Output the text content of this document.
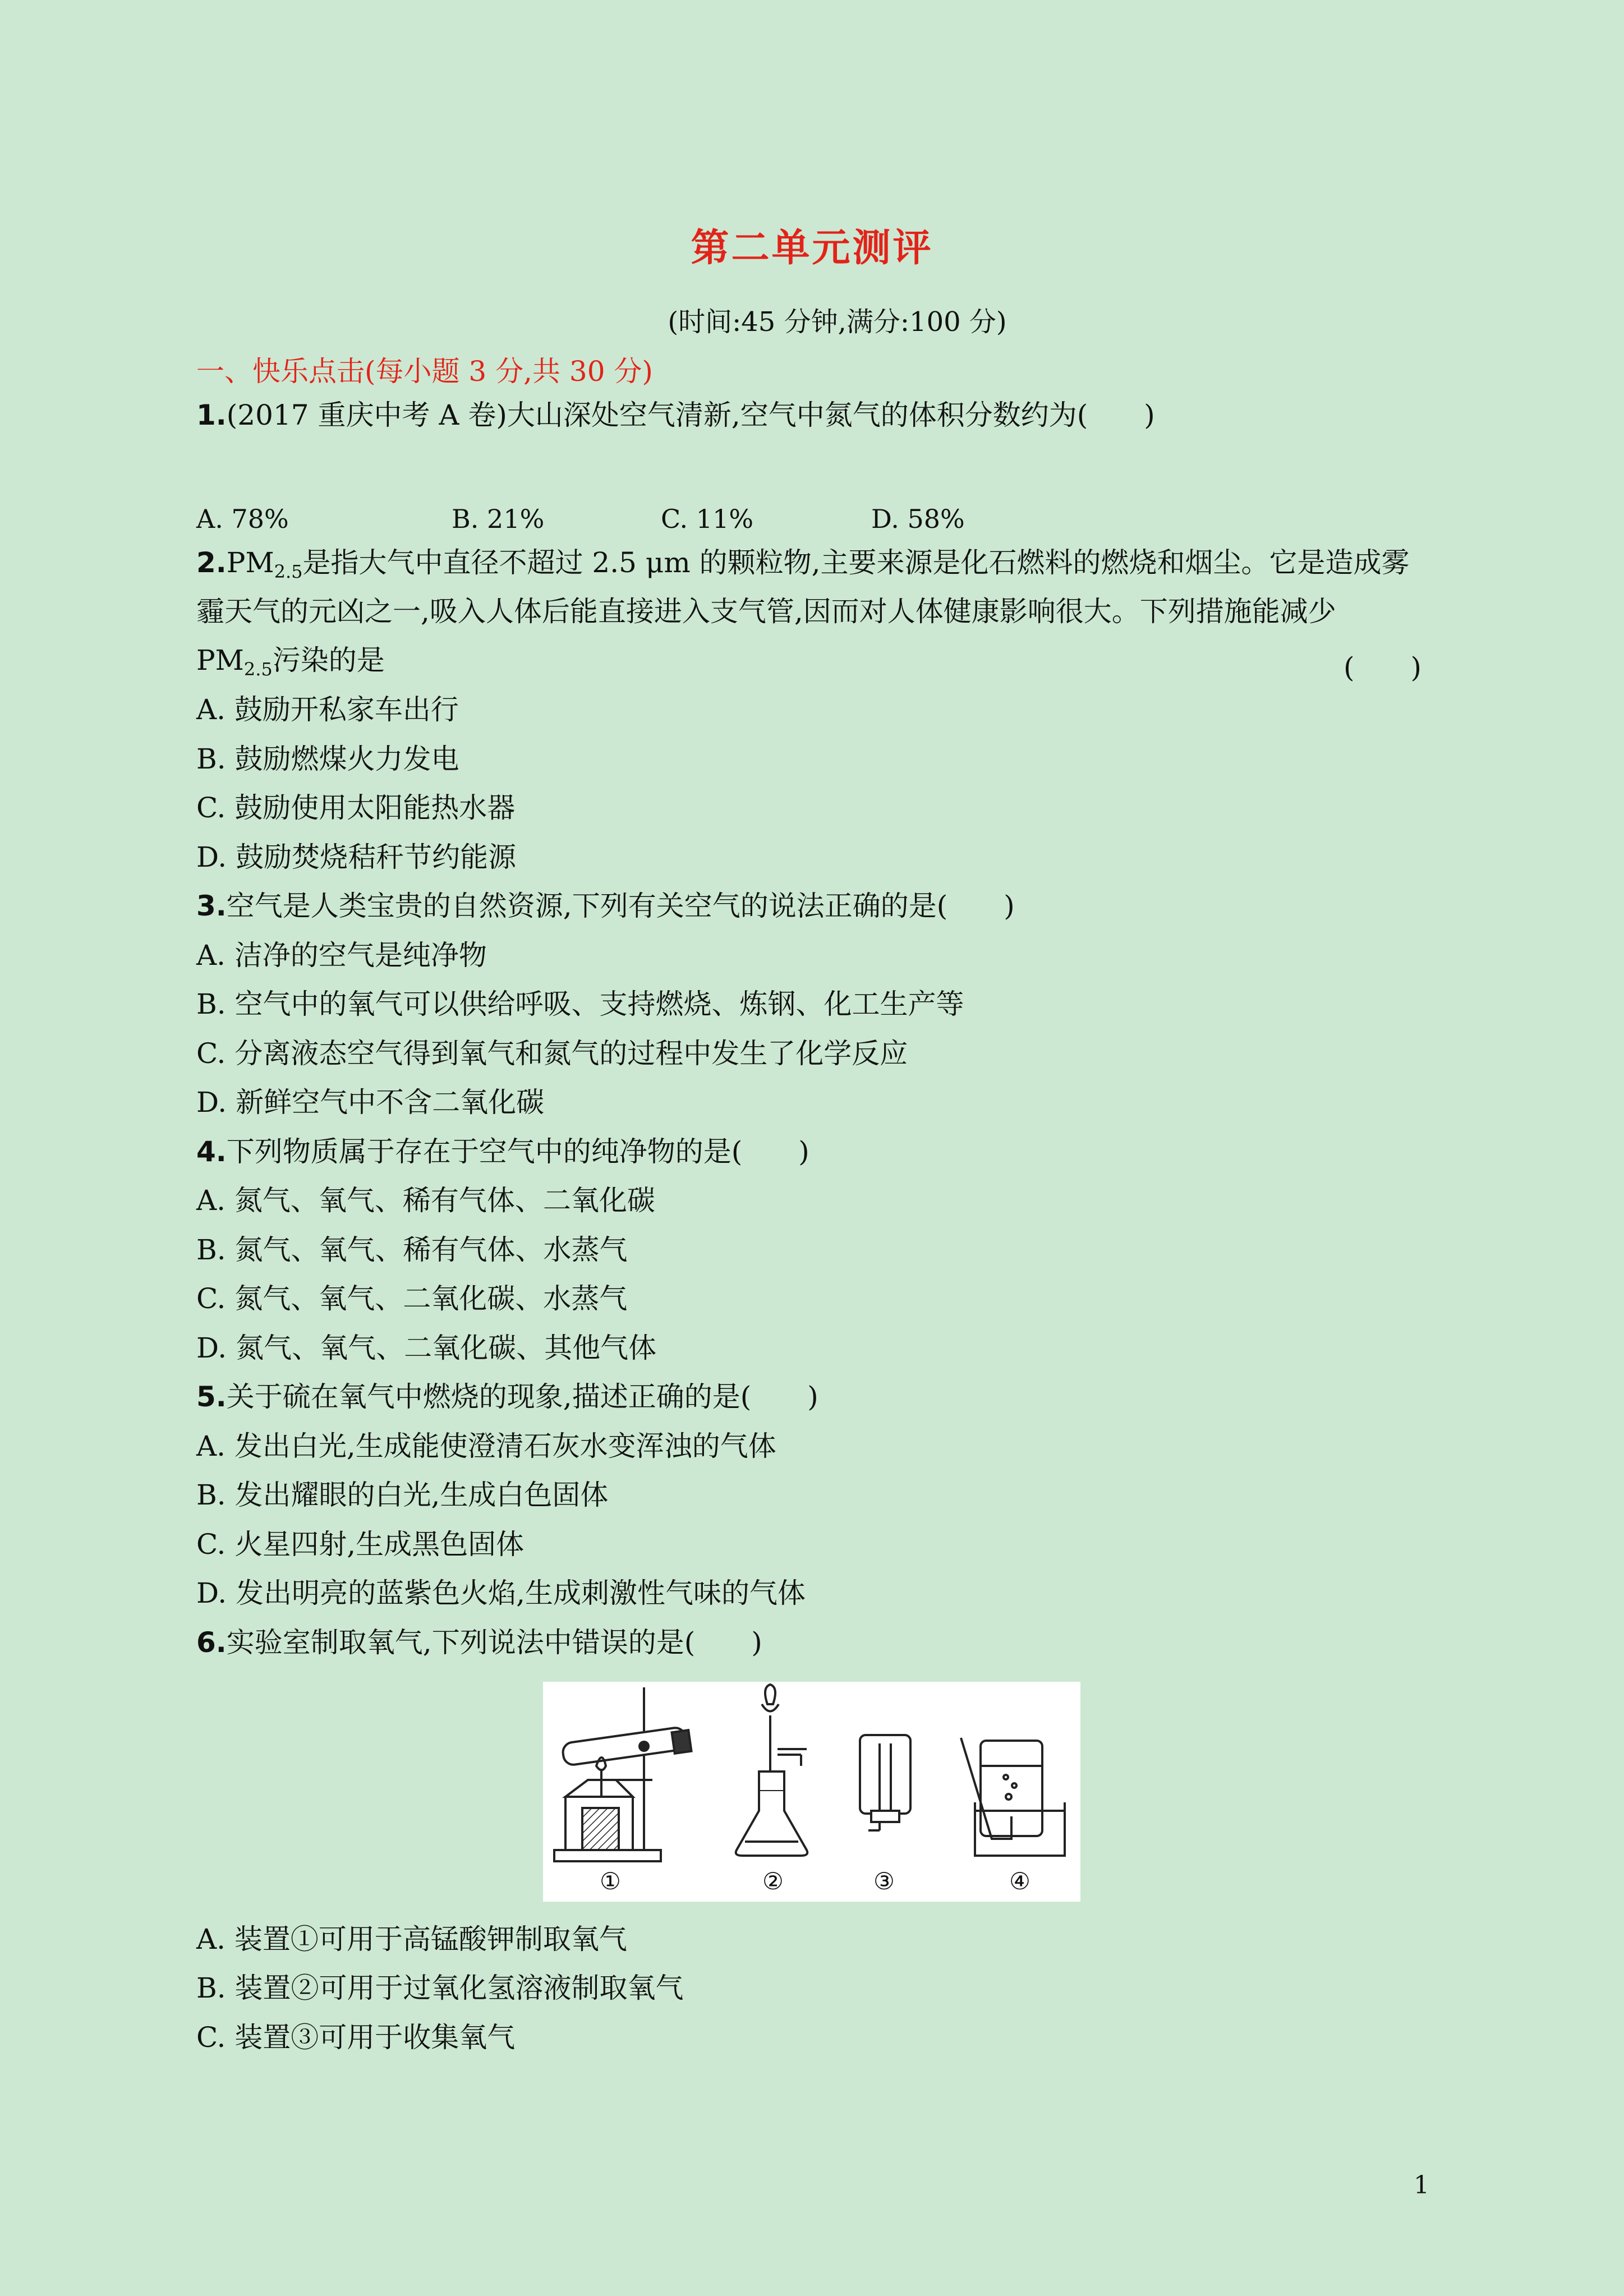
第二单元测评
(时间:45 分钟,满分:100 分)
一、快乐点击(每小题 3 分,共 30 分)
1.(2017 重庆中考 A 卷)大山深处空气清新,空气中氮气的体积分数约为(　　)
A. 78%	B. 21%	C. 11%	D. 58%
$2.PM_{2.5}$是指大气中直径不超过 2.5 μm 的颗粒物,主要来源是化石燃料的燃烧和烟尘。它是造成雾
霾天气的元凶之一,吸入人体后能直接进入支气管,因而对人体健康影响很大。下列措施能减少
$PM_{2.5}$污染的是	(　　)
A. 鼓励开私家车出行
B. 鼓励燃煤火力发电
C. 鼓励使用太阳能热水器
D. 鼓励焚烧秸秆节约能源
3.空气是人类宝贵的自然资源,下列有关空气的说法正确的是(　　)
A. 洁净的空气是纯净物
B. 空气中的氧气可以供给呼吸、支持燃烧、炼钢、化工生产等
C. 分离液态空气得到氧气和氮气的过程中发生了化学反应
D. 新鲜空气中不含二氧化碳
4.下列物质属于存在于空气中的纯净物的是(　　)
A. 氮气、氧气、稀有气体、二氧化碳
B. 氮气、氧气、稀有气体、水蒸气
C. 氮气、氧气、二氧化碳、水蒸气
D. 氮气、氧气、二氧化碳、其他气体
5.关于硫在氧气中燃烧的现象,描述正确的是(　　)
A. 发出白光,生成能使澄清石灰水变浑浊的气体
B. 发出耀眼的白光,生成白色固体
C. 火星四射,生成黑色固体
D. 发出明亮的蓝紫色火焰,生成刺激性气味的气体
6.实验室制取氧气,下列说法中错误的是(　　)
①	②	③	④
A. 装置①可用于高锰酸钾制取氧气
B. 装置②可用于过氧化氢溶液制取氧气
C. 装置③可用于收集氧气
1
